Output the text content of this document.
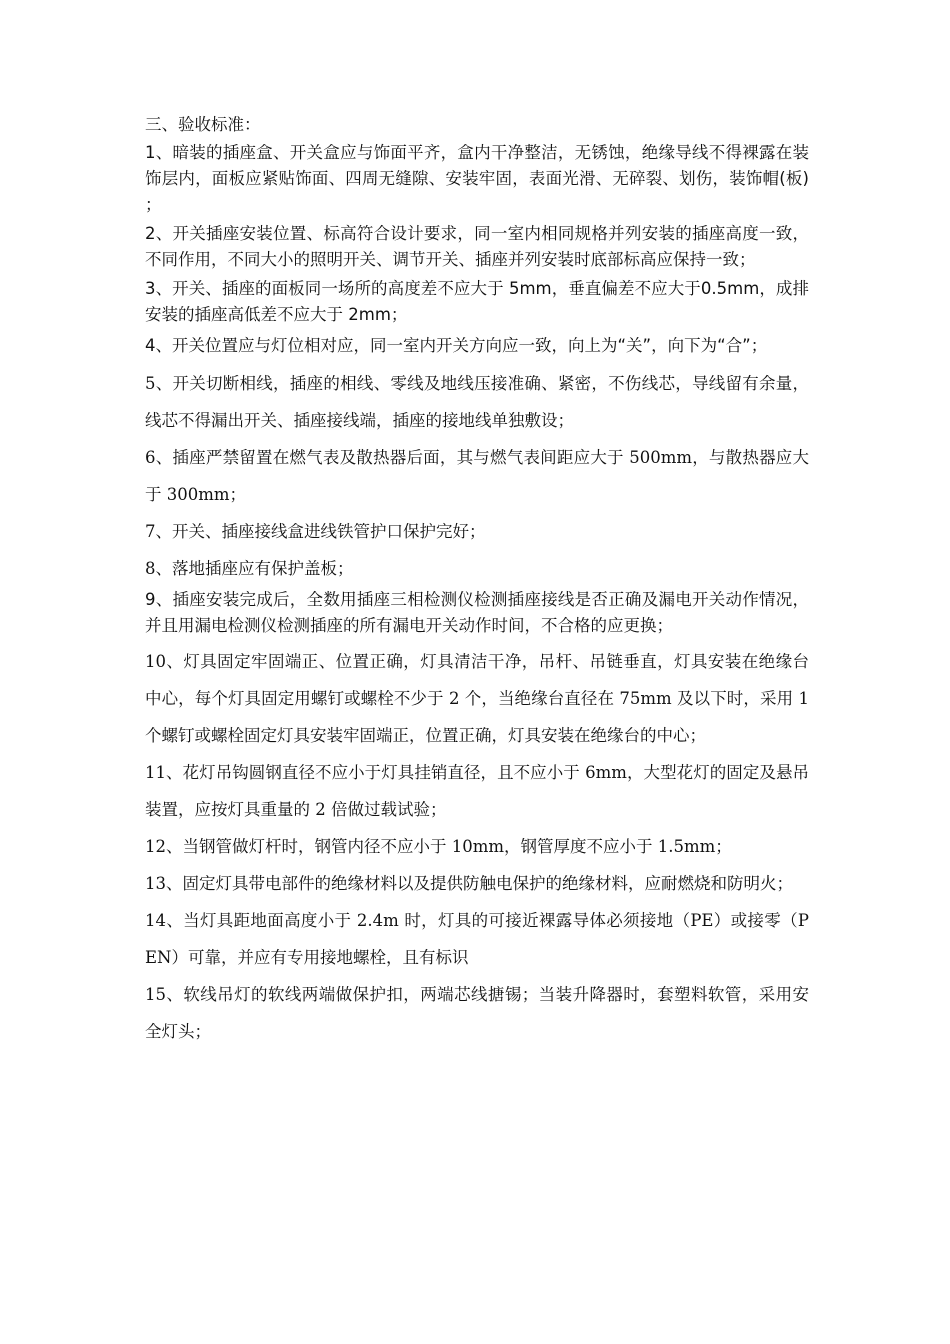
三、验收标准：

1、暗装的插座盒、开关盒应与饰面平齐，盒内干净整洁，无锈蚀，绝缘导线不得裸露在装饰层内，面板应紧贴饰面、四周无缝隙、安装牢固，表面光滑、无碎裂、划伤，装饰帽(板) ；

2、开关插座安装位置、标高符合设计要求，同一室内相同规格并列安装的插座高度一致，不同作用，不同大小的照明开关、调节开关、插座并列安装时底部标高应保持一致；

3、开关、插座的面板同一场所的高度差不应大于 5mm，垂直偏差不应大于0.5mm，成排安装的插座高低差不应大于 2mm；

4、开关位置应与灯位相对应，同一室内开关方向应一致，向上为“关”，向下为“合”；

5、开关切断相线，插座的相线、零线及地线压接准确、紧密，不伤线芯，导线留有余量，线芯不得漏出开关、插座接线端，插座的接地线单独敷设；

6、插座严禁留置在燃气表及散热器后面，其与燃气表间距应大于 500mm，与散热器应大于 300mm；

7、开关、插座接线盒进线铁管护口保护完好；

8、落地插座应有保护盖板；

9、插座安装完成后，全数用插座三相检测仪检测插座接线是否正确及漏电开关动作情况，并且用漏电检测仪检测插座的所有漏电开关动作时间，不合格的应更换；

10、灯具固定牢固端正、位置正确，灯具清洁干净，吊杆、吊链垂直，灯具安装在绝缘台中心，每个灯具固定用螺钉或螺栓不少于 2 个，当绝缘台直径在 75mm 及以下时，采用 1 个螺钉或螺栓固定灯具安装牢固端正，位置正确，灯具安装在绝缘台的中心；

11、花灯吊钩圆钢直径不应小于灯具挂销直径，且不应小于 6mm，大型花灯的固定及悬吊装置，应按灯具重量的 2 倍做过载试验；

12、当钢管做灯杆时，钢管内径不应小于 10mm，钢管厚度不应小于 1.5mm；

13、固定灯具带电部件的绝缘材料以及提供防触电保护的绝缘材料，应耐燃烧和防明火；

14、当灯具距地面高度小于 2.4m 时，灯具的可接近裸露导体必须接地（PE）或接零（PEN）可靠，并应有专用接地螺栓，且有标识

15、软线吊灯的软线两端做保护扣，两端芯线搪锡；当装升降器时，套塑料软管，采用安全灯头；
